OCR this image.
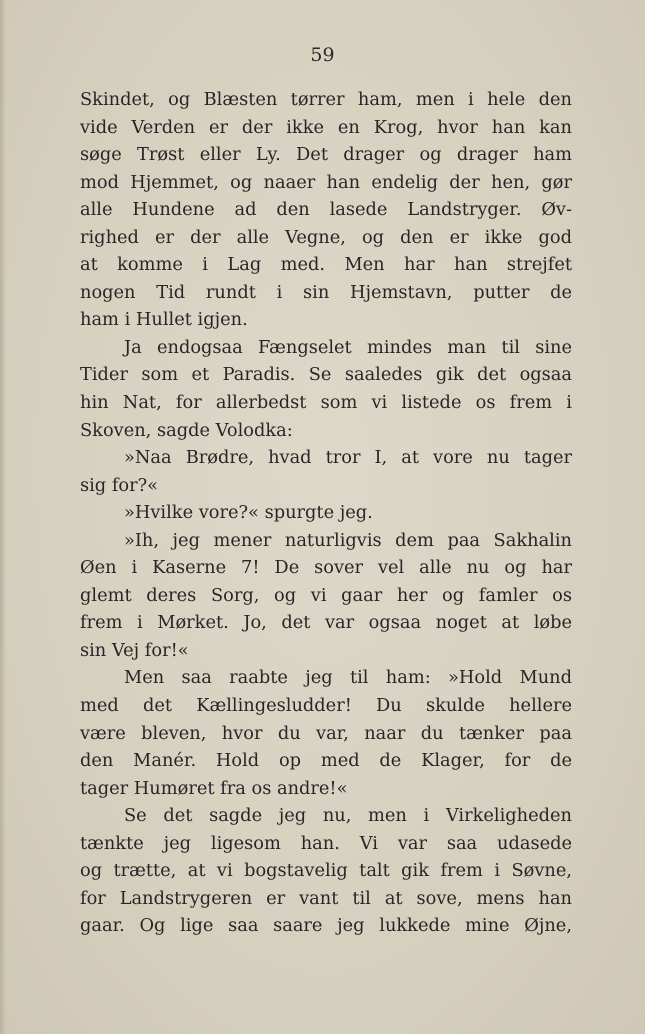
59
Skindet, og Blæsten tørrer ham, men i hele den
vide Verden er der ikke en Krog, hvor han kan
søge Trøst eller Ly. Det drager og drager ham
mod Hjemmet, og naaer han endelig der hen, gør
alle Hundene ad den lasede Landstryger. Øv-
righed er der alle Vegne, og den er ikke god
at komme i Lag med. Men har han strejfet
nogen Tid rundt i sin Hjemstavn, putter de
ham i Hullet igjen.
Ja endogsaa Fængselet mindes man til sine
Tider som et Paradis. Se saaledes gik det ogsaa
hin Nat, for allerbedst som vi listede os frem i
Skoven, sagde Volodka:
»Naa Brødre, hvad tror I, at vore nu tager
sig for?«
»Hvilke vore?« spurgte jeg.
»Ih, jeg mener naturligvis dem paa Sakhalin
Øen i Kaserne 7! De sover vel alle nu og har
glemt deres Sorg, og vi gaar her og famler os
frem i Mørket. Jo, det var ogsaa noget at løbe
sin Vej for!«
Men saa raabte jeg til ham: »Hold Mund
med det Kællingesludder! Du skulde hellere
være bleven, hvor du var, naar du tænker paa
den Manér. Hold op med de Klager, for de
tager Humøret fra os andre!«
Se det sagde jeg nu, men i Virkeligheden
tænkte jeg ligesom han. Vi var saa udasede
og trætte, at vi bogstavelig talt gik frem i Søvne,
for Landstrygeren er vant til at sove, mens han
gaar. Og lige saa saare jeg lukkede mine Øjne,
